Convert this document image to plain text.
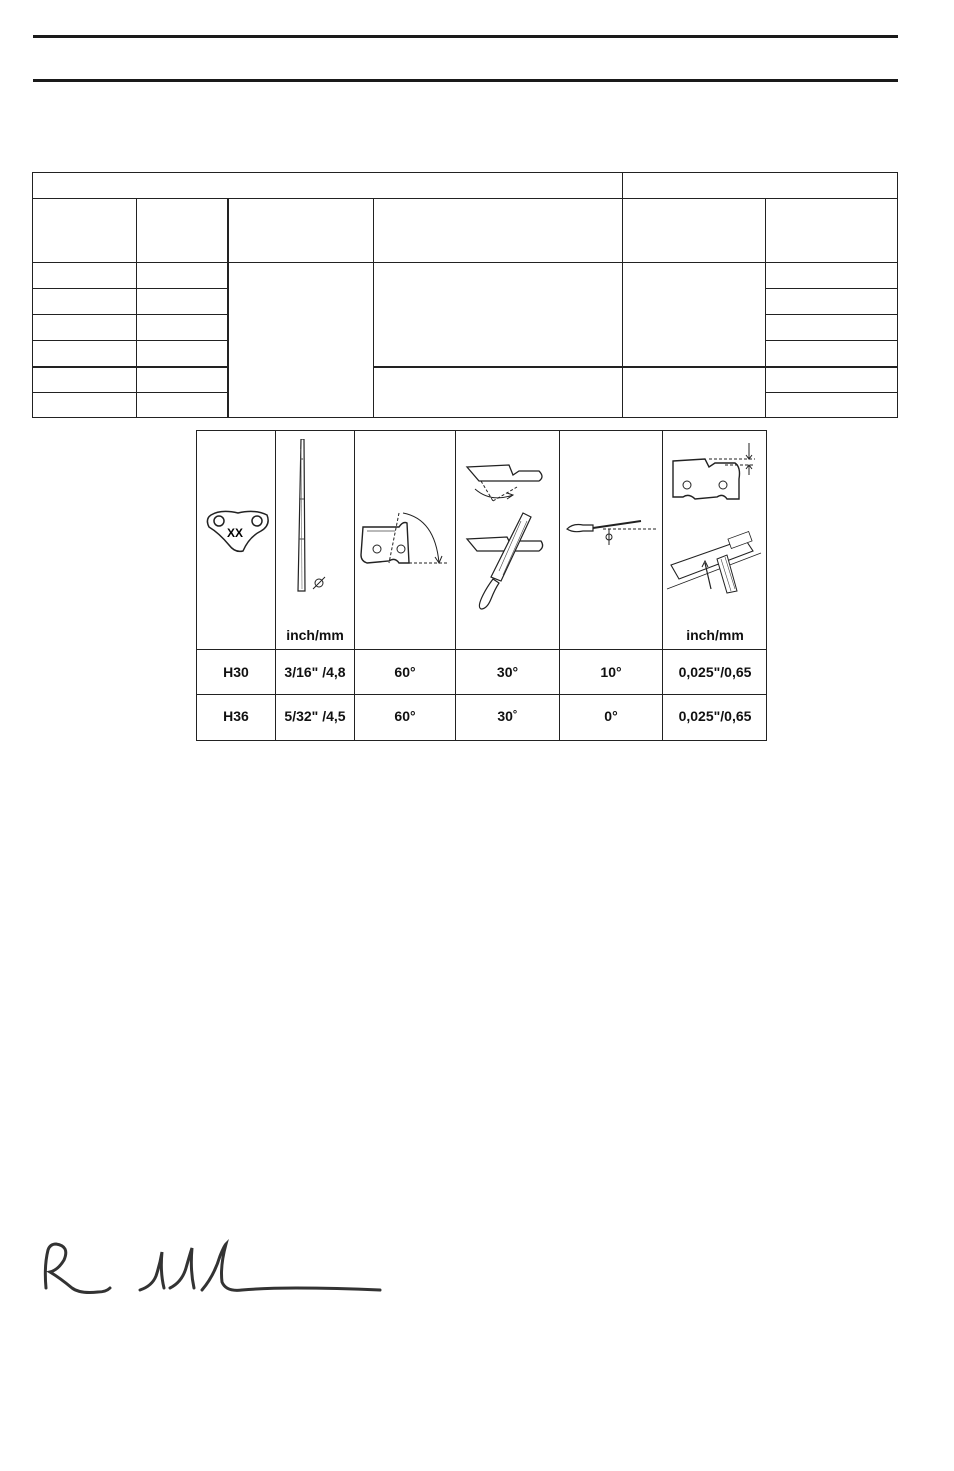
XX
inch/mm	inch/mm
H30	3/16" /4,8	60°	30°	10°	0,025"/0,65
H36	5/32" /4,5	60°	30˚	0°	0,025"/0,65
